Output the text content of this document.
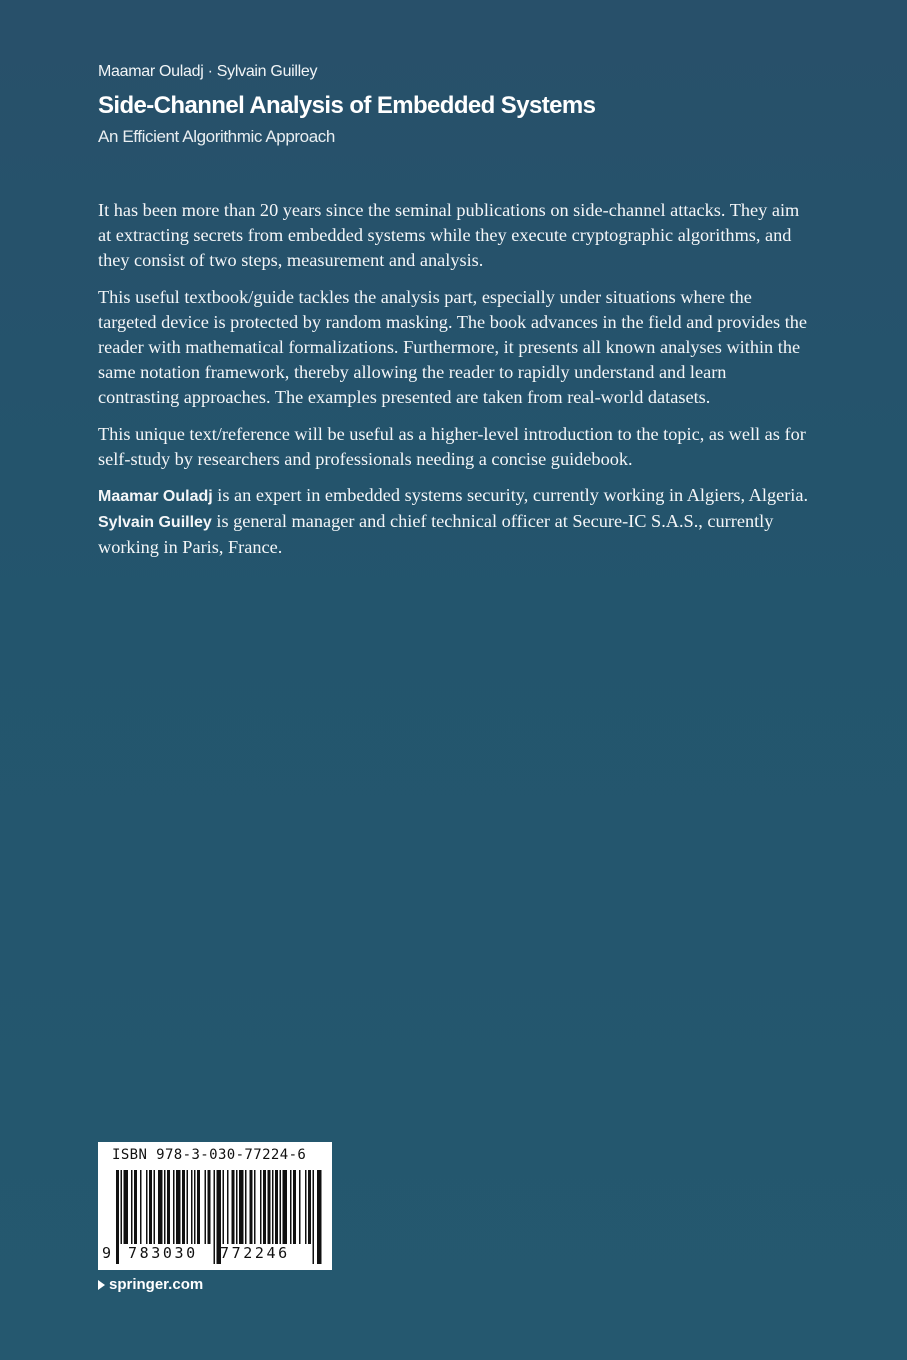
Maamar Ouladj · Sylvain Guilley
Side-Channel Analysis of Embedded Systems
An Efficient Algorithmic Approach

It has been more than 20 years since the seminal publications on side-channel attacks. They aim at extracting secrets from embedded systems while they execute cryptographic algorithms, and they consist of two steps, measurement and analysis.

This useful textbook/guide tackles the analysis part, especially under situations where the targeted device is protected by random masking. The book advances in the field and provides the reader with mathematical formalizations. Furthermore, it presents all known analyses within the same notation framework, thereby allowing the reader to rapidly understand and learn contrasting approaches. The examples presented are taken from real-world datasets.

This unique text/reference will be useful as a higher-level introduction to the topic, as well as for self-study by researchers and professionals needing a concise guidebook.

Maamar Ouladj is an expert in embedded systems security, currently working in Algiers, Algeria. Sylvain Guilley is general manager and chief technical officer at Secure-IC S.A.S., currently working in Paris, France.

ISBN 978-3-030-77224-6
9 783030 772246
springer.com
